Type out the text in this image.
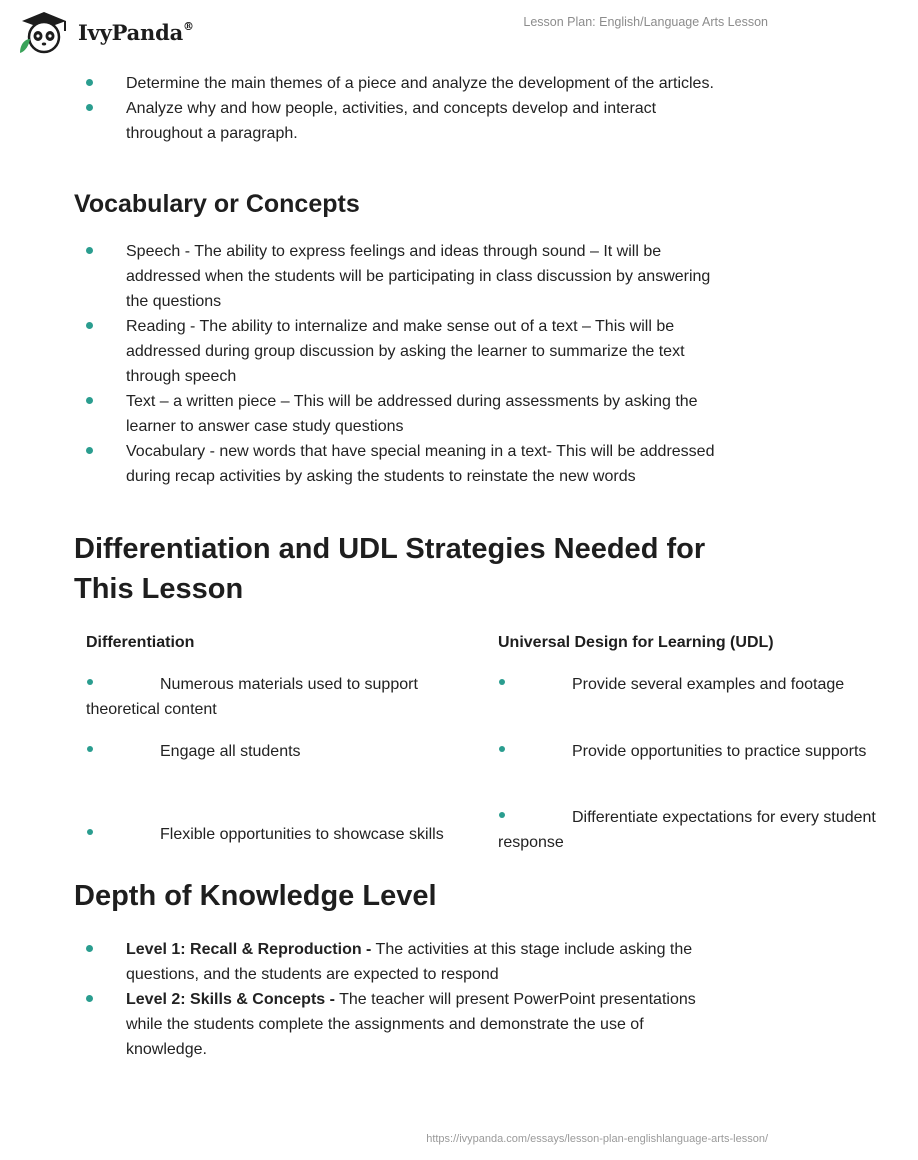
IvyPanda®	Lesson Plan: English/Language Arts Lesson
Determine the main themes of a piece and analyze the development of the articles.
Analyze why and how people, activities, and concepts develop and interact throughout a paragraph.
Vocabulary or Concepts
Speech - The ability to express feelings and ideas through sound – It will be addressed when the students will be participating in class discussion by answering the questions
Reading - The ability to internalize and make sense out of a text – This will be addressed during group discussion by asking the learner to summarize the text through speech
Text – a written piece – This will be addressed during assessments by asking the learner to answer case study questions
Vocabulary - new words that have special meaning in a text- This will be addressed during recap activities by asking the students to reinstate the new words
Differentiation and UDL Strategies Needed for
This Lesson
Differentiation
Numerous materials used to support theoretical content
Engage all students
Flexible opportunities to showcase skills
Universal Design for Learning (UDL)
Provide several examples and footage
Provide opportunities to practice supports
Differentiate expectations for every student response
Depth of Knowledge Level
Level 1: Recall & Reproduction - The activities at this stage include asking the questions, and the students are expected to respond
Level 2: Skills & Concepts - The teacher will present PowerPoint presentations while the students complete the assignments and demonstrate the use of knowledge.
https://ivypanda.com/essays/lesson-plan-englishlanguage-arts-lesson/
